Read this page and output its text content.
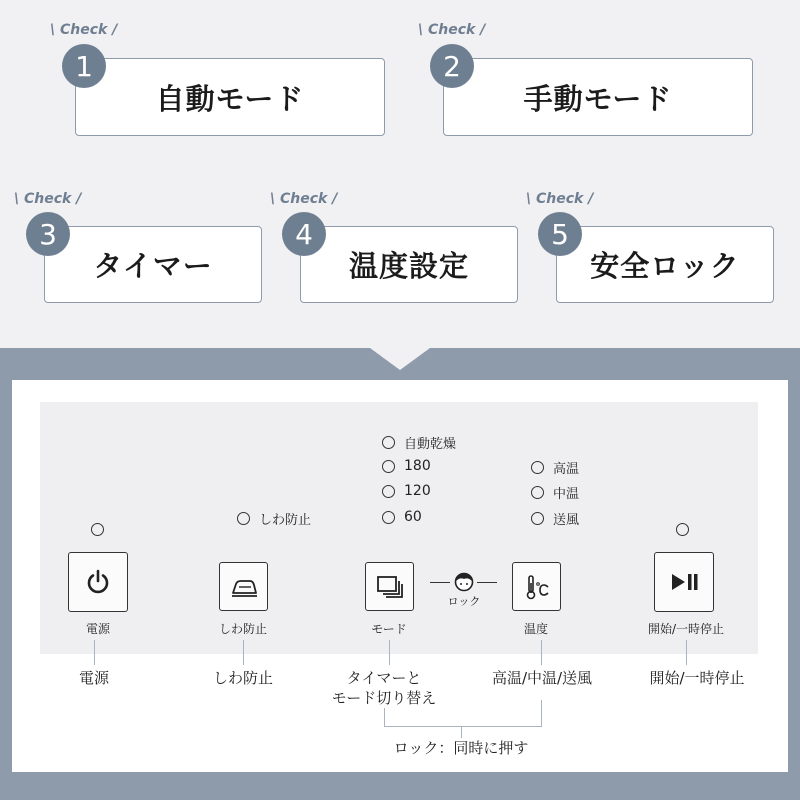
\ Check /
1
自動モード
\ Check /
2
手動モード
\ Check /
3
タイマー
\ Check /
4
温度設定
\ Check /
5
安全ロック
自動乾燥
180
120
60
高温
中温
送風
しわ防止
電源	しわ防止	モード
ロック
温度	開始/一時停止
電源	しわ防止	タイマーと
モード切り替え
高温/中温/送風	開始/一時停止
ロック：同時に押す
